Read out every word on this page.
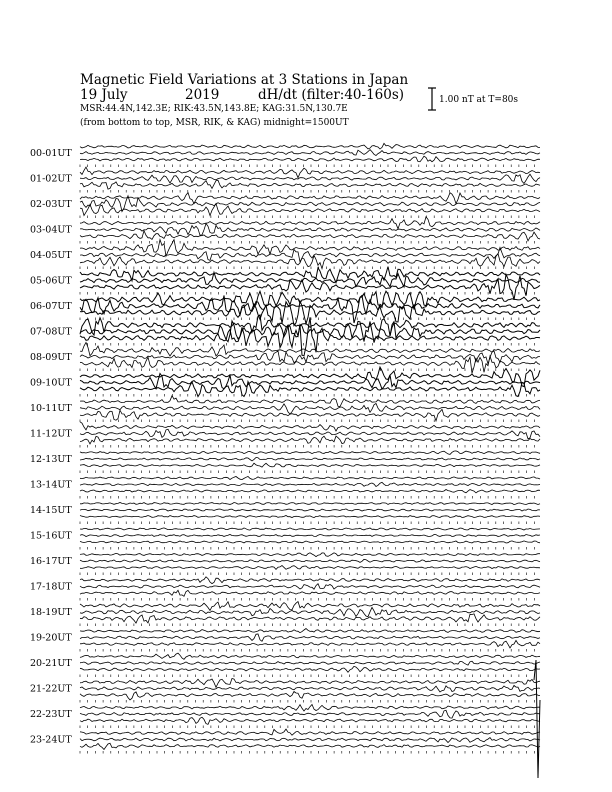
Magnetic Field Variations at 3 Stations in Japan
19 July	2019	dH/dt (filter:40-160s)
MSR:44.4N,142.3E; RIK:43.5N,143.8E; KAG:31.5N,130.7E
(from bottom to top, MSR, RIK, & KAG) midnight=1500UT
1.00 nT at T=80s
00-01UT
01-02UT
02-03UT
03-04UT
04-05UT
05-06UT
06-07UT
07-08UT
08-09UT
09-10UT
10-11UT
11-12UT
12-13UT
13-14UT
14-15UT
15-16UT
16-17UT
17-18UT
18-19UT
19-20UT
20-21UT
21-22UT
22-23UT
23-24UT
